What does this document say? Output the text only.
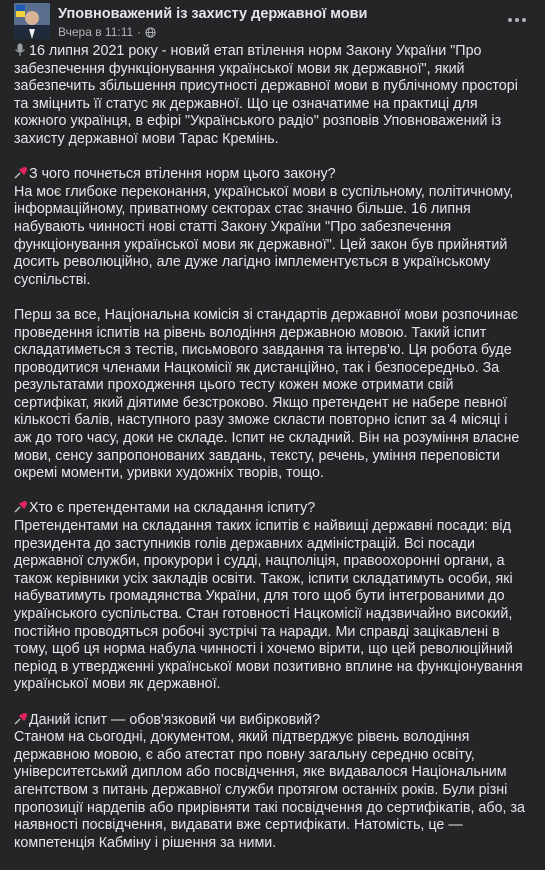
Уповноважений із захисту державної мови
Вчера в 11:11 ·

16 липня 2021 року - новий етап втілення норм Закону України "Про забезпечення функціонування української мови як державної", який забезпечить збільшення присутності державної мови в публічному просторі та зміцнить її статус як державної. Що це означатиме на практиці для кожного українця, в ефірі "Українського радіо" розповів Уповноважений із захисту державної мови Тарас Кремінь.

З чого почнеться втілення норм цього закону?

На моє глибоке переконання, української мови в суспільному, політичному, інформаційному, приватному секторах стає значно більше. 16 липня набувають чинності нові статті Закону України "Про забезпечення функціонування української мови як державної". Цей закон був прийнятий досить революційно, але дуже лагідно імплементується в українському суспільстві.

Перш за все, Національна комісія зі стандартів державної мови розпочинає проведення іспитів на рівень володіння державною мовою. Такий іспит складатиметься з тестів, письмового завдання та інтерв'ю. Ця робота буде проводитися членами Нацкомісії як дистанційно, так і безпосередньо. За результатами проходження цього тесту кожен може отримати свій сертифікат, який діятиме безстроково. Якщо претендент не набере певної кількості балів, наступного разу зможе скласти повторно іспит за 4 місяці і аж до того часу, доки не складе. Іспит не складний. Він на розуміння власне мови, сенсу запропонованих завдань, тексту, речень, уміння переповісти окремі моменти, уривки художніх творів, тощо.

Хто є претендентами на складання іспиту?

Претендентами на складання таких іспитів є найвищі державні посади: від президента до заступників голів державних адміністрацій. Всі посади державної служби, прокурори і судді, нацполіція, правоохоронні органи, а також керівники усіх закладів освіти. Також, іспити складатимуть особи, які набуватимуть громадянства України, для того щоб бути інтегрованими до українського суспільства. Стан готовності Нацкомісії надзвичайно високий, постійно проводяться робочі зустрічі та наради. Ми справді зацікавлені в тому, щоб ця норма набула чинності і хочемо вірити, що цей революційний період в утвердженні української мови позитивно вплине на функціонування української мови як державної.

Даний іспит — обов'язковий чи вибірковий?

Станом на сьогодні, документом, який підтверджує рівень володіння державною мовою, є або атестат про повну загальну середню освіту, університетський диплом або посвідчення, яке видавалося Національним агентством з питань державної служби протягом останніх років. Були різні пропозиції нардепів або прирівняти такі посвідчення до сертифікатів, або, за наявності посвідчення, видавати вже сертифікати. Натомість, це — компетенція Кабміну і рішення за ними.
